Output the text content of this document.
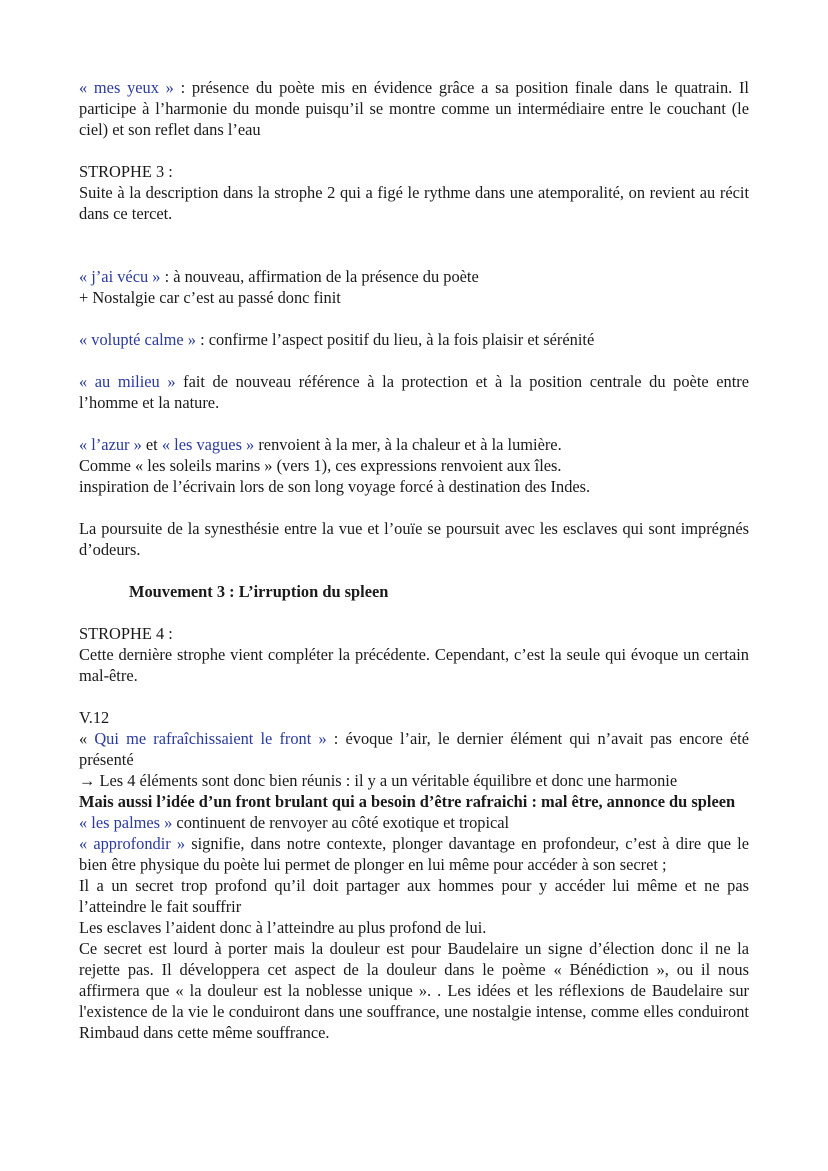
« mes yeux » : présence du poète mis en évidence grâce a sa position finale dans le quatrain. Il participe à l’harmonie du monde puisqu’il se montre comme un intermédiaire entre le couchant (le ciel) et son reflet dans l’eau

STROPHE 3 :

Suite à la description dans la strophe 2 qui a figé le rythme dans une atemporalité, on revient au récit dans ce tercet.

« j’ai vécu » : à nouveau, affirmation de la présence du poète

+ Nostalgie car c’est au passé donc finit

« volupté calme » : confirme l’aspect positif du lieu, à la fois plaisir et sérénité

« au milieu » fait de nouveau référence à la protection et à la position centrale du poète entre l’homme et la nature.

« l’azur » et « les vagues » renvoient à la mer, à la chaleur et à la lumière.

Comme « les soleils marins » (vers 1), ces expressions renvoient aux îles.

inspiration de l’écrivain lors de son long voyage forcé à destination des Indes.

La poursuite de la synesthésie entre la vue et l’ouïe se poursuit avec les esclaves qui sont imprégnés d’odeurs.

Mouvement 3 : L’irruption du spleen

STROPHE 4 :

Cette dernière strophe vient compléter la précédente. Cependant, c’est la seule qui évoque un certain mal-être.

V.12

« Qui me rafraîchissaient le front » : évoque l’air, le dernier élément qui n’avait pas encore été présenté

→ Les 4 éléments sont donc bien réunis : il y a un véritable équilibre et donc une harmonie

Mais aussi l’idée d’un front brulant qui a besoin d’être rafraichi : mal être, annonce du spleen

« les palmes » continuent de renvoyer au côté exotique et tropical

« approfondir » signifie, dans notre contexte, plonger davantage en profondeur, c’est à dire que le bien être physique du poète lui permet de plonger en lui même pour accéder à son secret ;

Il a un secret trop profond qu’il doit partager aux hommes pour y accéder lui même et ne pas l’atteindre le fait souffrir

Les esclaves l’aident donc à l’atteindre au plus profond de lui.

Ce secret est lourd à porter mais la douleur est pour Baudelaire un signe d’élection donc il ne la rejette pas. Il développera cet aspect de la douleur dans le poème « Bénédiction », ou il nous affirmera que « la douleur est la noblesse unique ». . Les idées et les réflexions de Baudelaire sur l'existence de la vie le conduiront dans une souffrance, une nostalgie intense, comme elles conduiront Rimbaud dans cette même souffrance.
